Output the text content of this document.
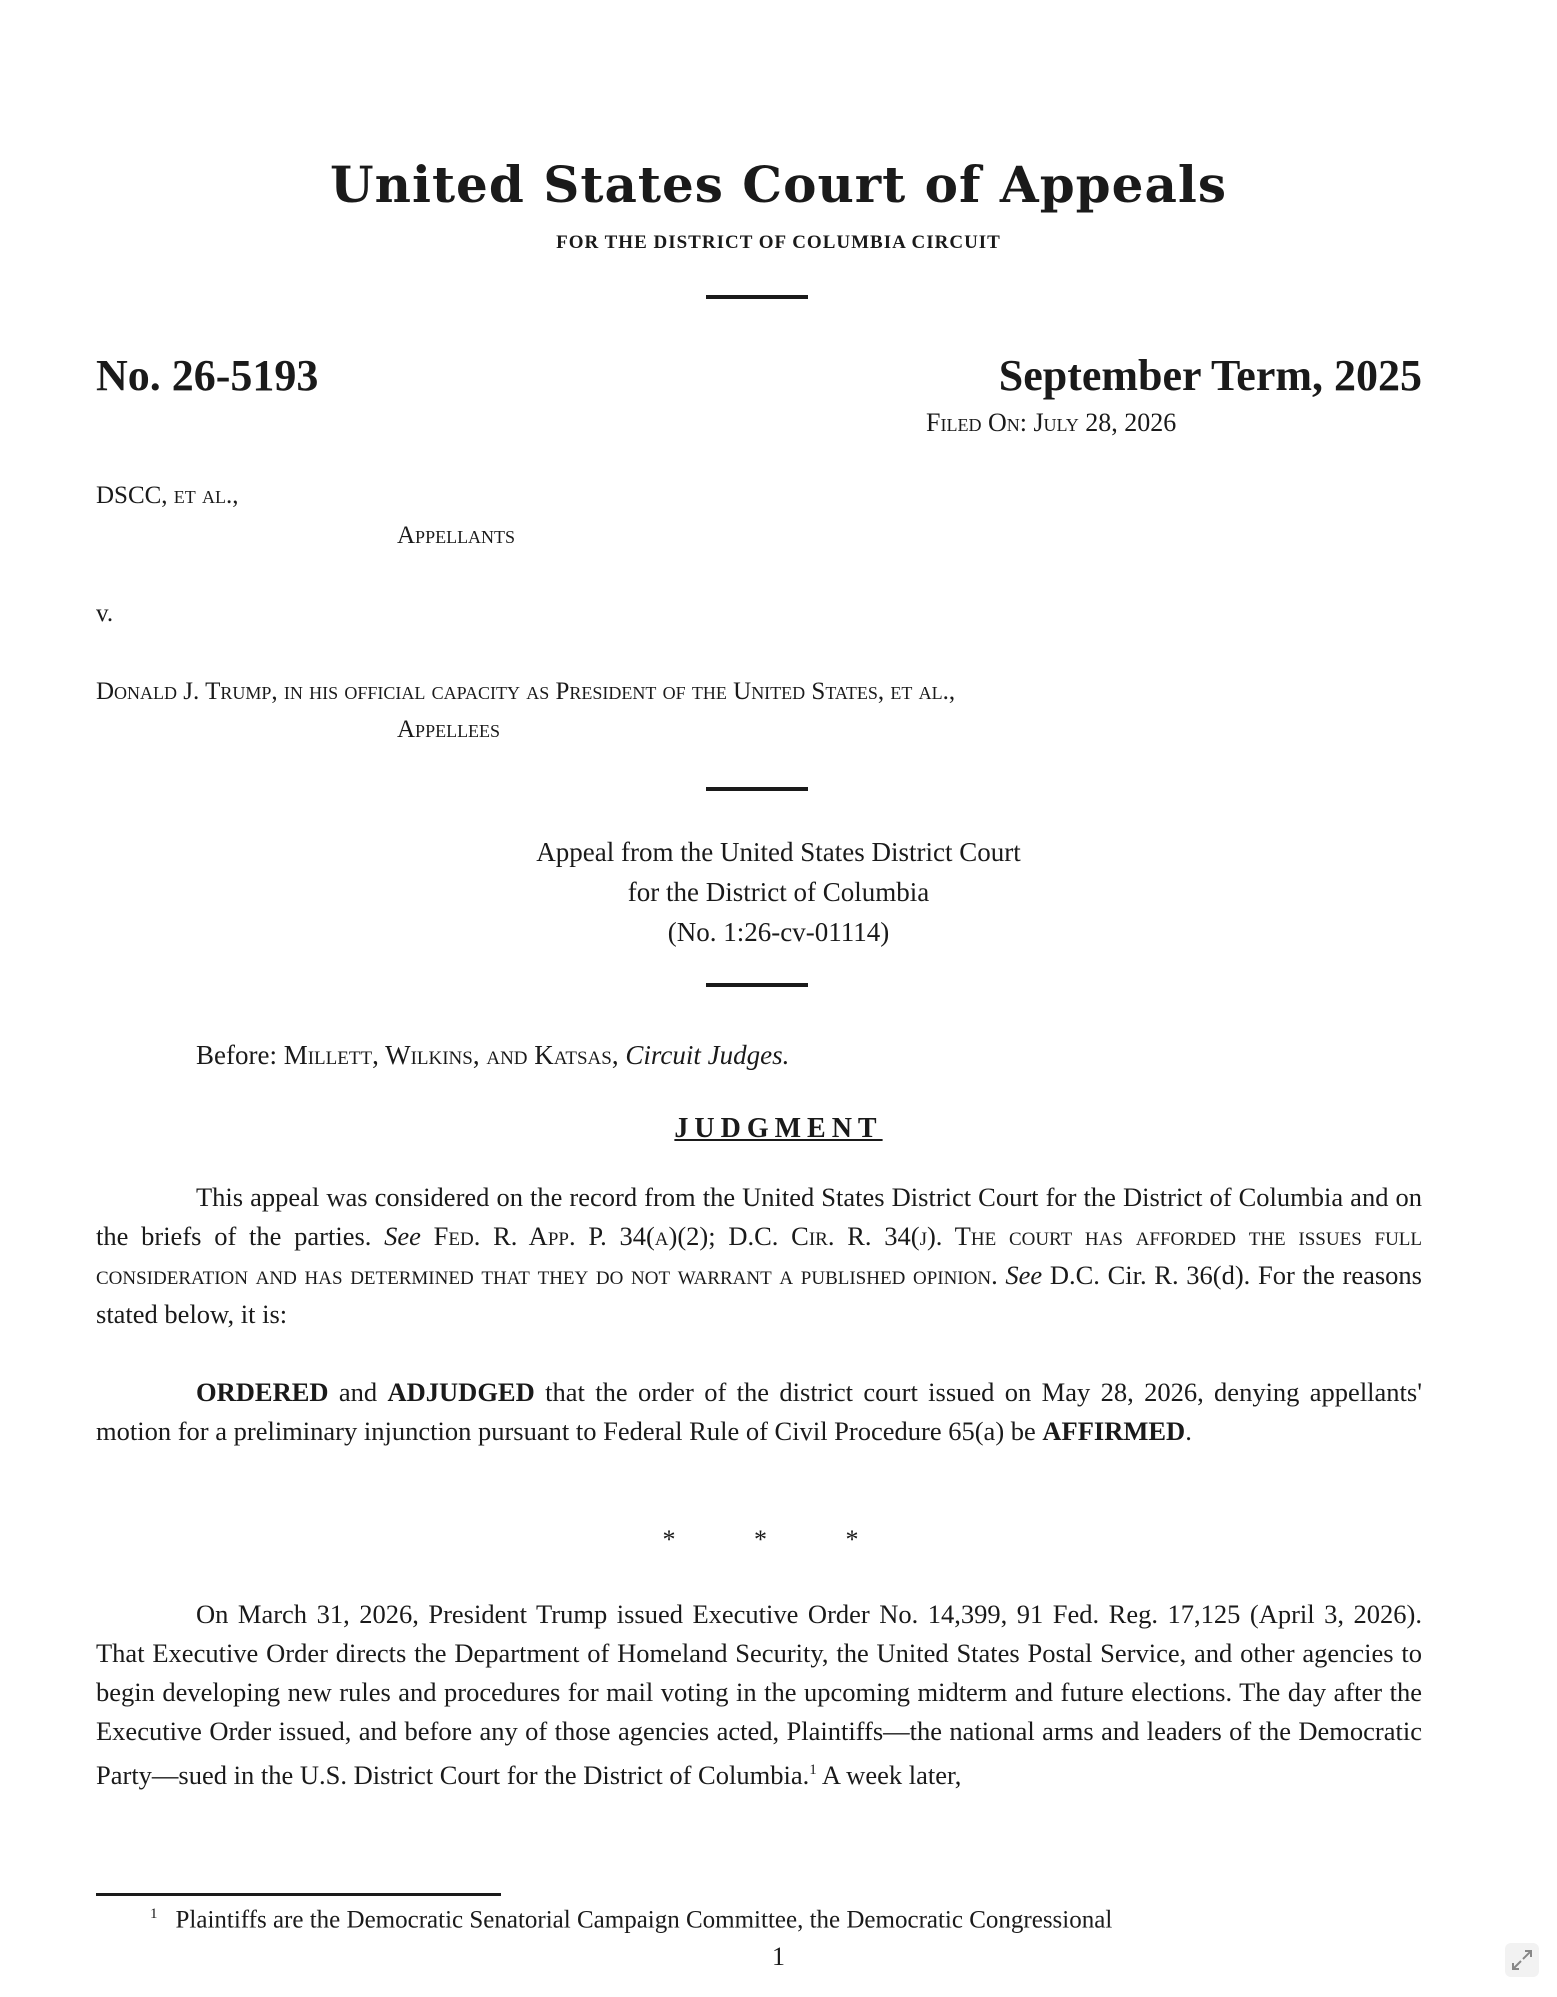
United States Court of Appeals
FOR THE DISTRICT OF COLUMBIA CIRCUIT
No. 26-5193	September Term, 2025
Filed On: July 28, 2026
DSCC, et al.,
Appellants
v.
Donald J. Trump, in his official capacity as President of the United States, et al.,
Appellees
Appeal from the United States District Court
for the District of Columbia
(No. 1:26-cv-01114)
Before: Millett, Wilkins, and Katsas, Circuit Judges.
JUDGMENT

This appeal was considered on the record from the United States District Court for the District of Columbia and on the briefs of the parties. See Fed. R. App. P. 34(a)(2); D.C. Cir. R. 34(j). The court has afforded the issues full consideration and has determined that they do not warrant a published opinion. See D.C. Cir. R. 36(d). For the reasons stated below, it is:

ORDERED and ADJUDGED that the order of the district court issued on May 28, 2026, denying appellants' motion for a preliminary injunction pursuant to Federal Rule of Civil Procedure 65(a) be AFFIRMED.

* * *

On March 31, 2026, President Trump issued Executive Order No. 14,399, 91 Fed. Reg. 17,125 (April 3, 2026). That Executive Order directs the Department of Homeland Security, the United States Postal Service, and other agencies to begin developing new rules and procedures for mail voting in the upcoming midterm and future elections. The day after the Executive Order issued, and before any of those agencies acted, Plaintiffs—the national arms and leaders of the Democratic Party—sued in the U.S. District Court for the District of Columbia.$^1$ A week later,

$^1$ Plaintiffs are the Democratic Senatorial Campaign Committee, the Democratic Congressional
1
